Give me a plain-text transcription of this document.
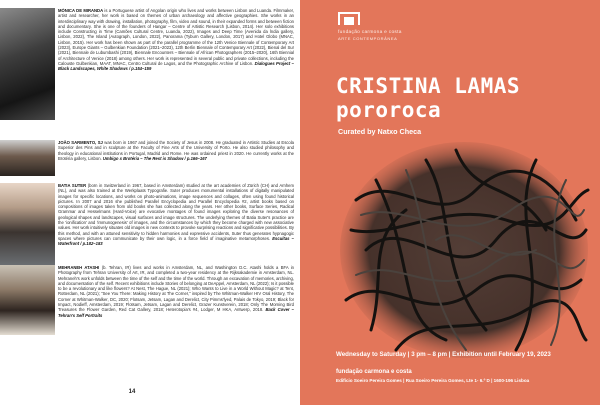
MÓNICA DE MIRANDA is a Portuguese artist of Angolan origin who lives and works between Lisbon and Luanda. Filmmaker, artist and researcher, her work is based on themes of urban archaeology and affective geographies. She works in an interdisciplinary way with drawing, installation, photography, film, video and sound, in their expanded forms and between fiction and documentary. She is one of the founders of Hangar – Centre of Artistic Research (Lisbon, 2014). Her solo exhibitions include Constructing in Time (Camões Cultural Centre, Luanda, 2022), Images and Deep Time (Avenida da Índia gallery, Lisbon, 2022), The Island (Autograph, London, 2022), Panorama (Tyburn Gallery, London, 2017) and Hotel Globo (MNAC, Lisbon, 2015). Her work has been shown as part of the parallel programme of the 12th Venice Biennale of Contemporary Art (2023), Europe Giants – Gulbenkian Foundation (2021–2023), 12th Berlin Biennale of Contemporary Art (2022), Bienal del Sur (2021), Biennale de Lubumbashi (2019), Biennale Encounters – Biennale of African Photographers (2015–2020), 16th Biennial of Architecture of Venice (2018) among others. Her work is represented in several public and private collections, including the Calouste Gulbenkian, MAAT, MNAC, Centro Cultural de Lagos, and the Photographic Archive of Lisbon. Dialogues Project – Black Landscapes, White Shadows / p.154–159

JOÃO SARMENTO, SJ was born in 1967 and joined the Society of Jesus in 2008. He graduated in Artistic Studies at Escola Superior des Pins and in sculpture at the Faculty of Fine Arts of the University of Porto. He also studied philosophy and theology in educational institutions in Portugal, Madrid and Rome. He was ordained priest in 2020. He currently works at the Brotéria gallery, Lisbon. Umbigo x Brotéria – The Rest is Shadow / p.166–167

BATIA SUTER (born in Switzerland in 1967, based in Amsterdam) studied at the art academies of Zürich (CH) and Arnhem (NL), and was also trained at the Werkplaats Typografie. Suter produces monumental installations of digitally manipulated images for specific locations, and works on photo-animations, image sequences and collages, often using found historical pictures. In 2007 and 2016 she published Parallel Encyclopedia and Parallel Encyclopedia #2, artist books based on compositions of images taken from old books she has collected along the years. Her other books, Surface Series, Radical Grammar and Hesselmans (Hard-Voice) are evocative montages of found images exploring the diverse resonances of geological shapes and landscapes, visual surfaces and image structures. The underlying themes of Batia Suter's practice are the 'ionification' and 'immunogenesis' of images, and the circumstances by which they become charged with new associative values. Her work intuitively situates old images in new contexts to provoke surprising reactions and significative possibilities. By this method, and with an attuned sensitivity to hidden harmonies and expressive accidents, Suter thus generates hypnagogic spaces where pictures can communicate by their own logic, in a force field of imaginative metamorphoses. Escuitas – Waterfront / p.182–183

MEHRANEH ATASHI (b. Tehran, IR) lives and works in Amsterdam, NL, and Washington D.C. Atashi holds a BFA in Photography from Tehran University of Art, IR, and completed a two-year residency at the Rijksakademie in Amsterdam, NL. Mehraneh's work unfolds between the time of the self and the time of the world. Through an excavation of memories, archiving, and documentation of the self. Recent exhibitions include Stories of belonging at DeAppel, Amsterdam, NL (2022); Is it possible to be a revolutionary and like flowers? At Nest, The Hague, NL (2021); Who Wants to Live in a World Without Magic? at Tent, Rotterdam, NL (2021); "See You There: Making History at The Corner," inspired by The Whitman-Walker HIV Oral History, The Corner at Whitman-Walker, DC, 2020; Flotsam, Jetsam, Lagan and Derelict, City Pimms'lyed, Palais de Tokyo, 2019; Black for Impact, Nodieff, Amsterdam, 2019; Flotsam, Jetsam, Lagan and Derelict, Grazer Kunstverein, 2018; Only The Morning Bird Treasures the Flower Garden, Red Cat Gallery, 2018; Heterotopia's #4, Lodger, M HKA, Antwerp, 2018. Back Cover – Tehran's Self Portraits

14
fundação carmona e costa
ARTE CONTEMPORÂNEA
CRISTINA LAMAS
pororoca
Curated by Natxo Checa
Wednesday to Saturday | 3 pm – 8 pm | Exhibition until February 19, 2023
fundação carmona e costa
Edifício Soeiro Pereira Gomes | Rua Soeiro Pereira Gomes, Lte 1- 6.º D | 1600-196 Lisboa
